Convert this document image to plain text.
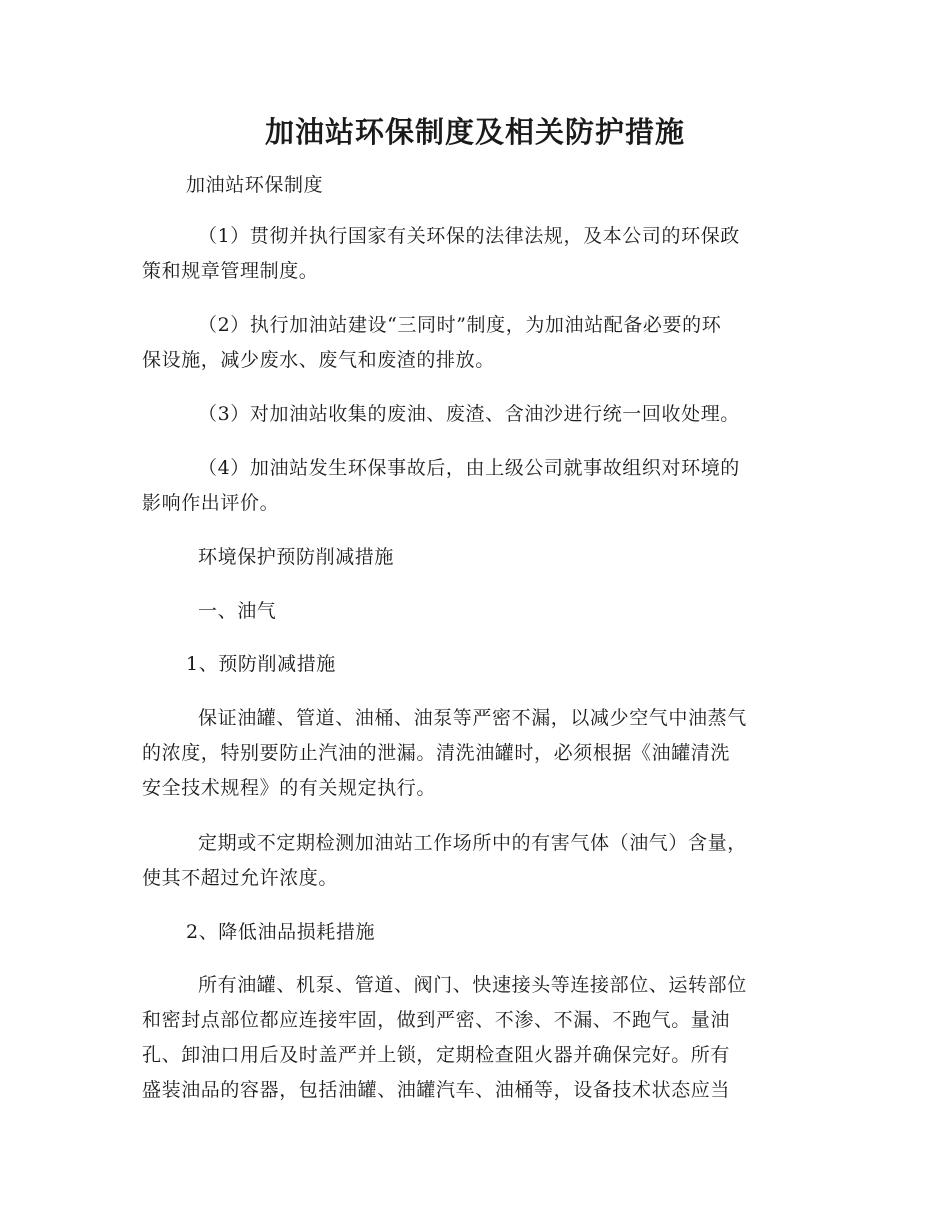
加油站环保制度及相关防护措施
加油站环保制度
（1）贯彻并执行国家有关环保的法律法规，及本公司的环保政
策和规章管理制度。
（2）执行加油站建设“三同时”制度，为加油站配备必要的环
保设施，减少废水、废气和废渣的排放。
（3）对加油站收集的废油、废渣、含油沙进行统一回收处理。
（4）加油站发生环保事故后，由上级公司就事故组织对环境的
影响作出评价。
环境保护预防削减措施
一、油气
1、预防削减措施
保证油罐、管道、油桶、油泵等严密不漏，以减少空气中油蒸气
的浓度，特别要防止汽油的泄漏。清洗油罐时，必须根据《油罐清洗
安全技术规程》的有关规定执行。
定期或不定期检测加油站工作场所中的有害气体（油气）含量，
使其不超过允许浓度。
2、降低油品损耗措施
所有油罐、机泵、管道、阀门、快速接头等连接部位、运转部位
和密封点部位都应连接牢固，做到严密、不渗、不漏、不跑气。量油
孔、卸油口用后及时盖严并上锁，定期检查阻火器并确保完好。所有
盛装油品的容器，包括油罐、油罐汽车、油桶等，设备技术状态应当
